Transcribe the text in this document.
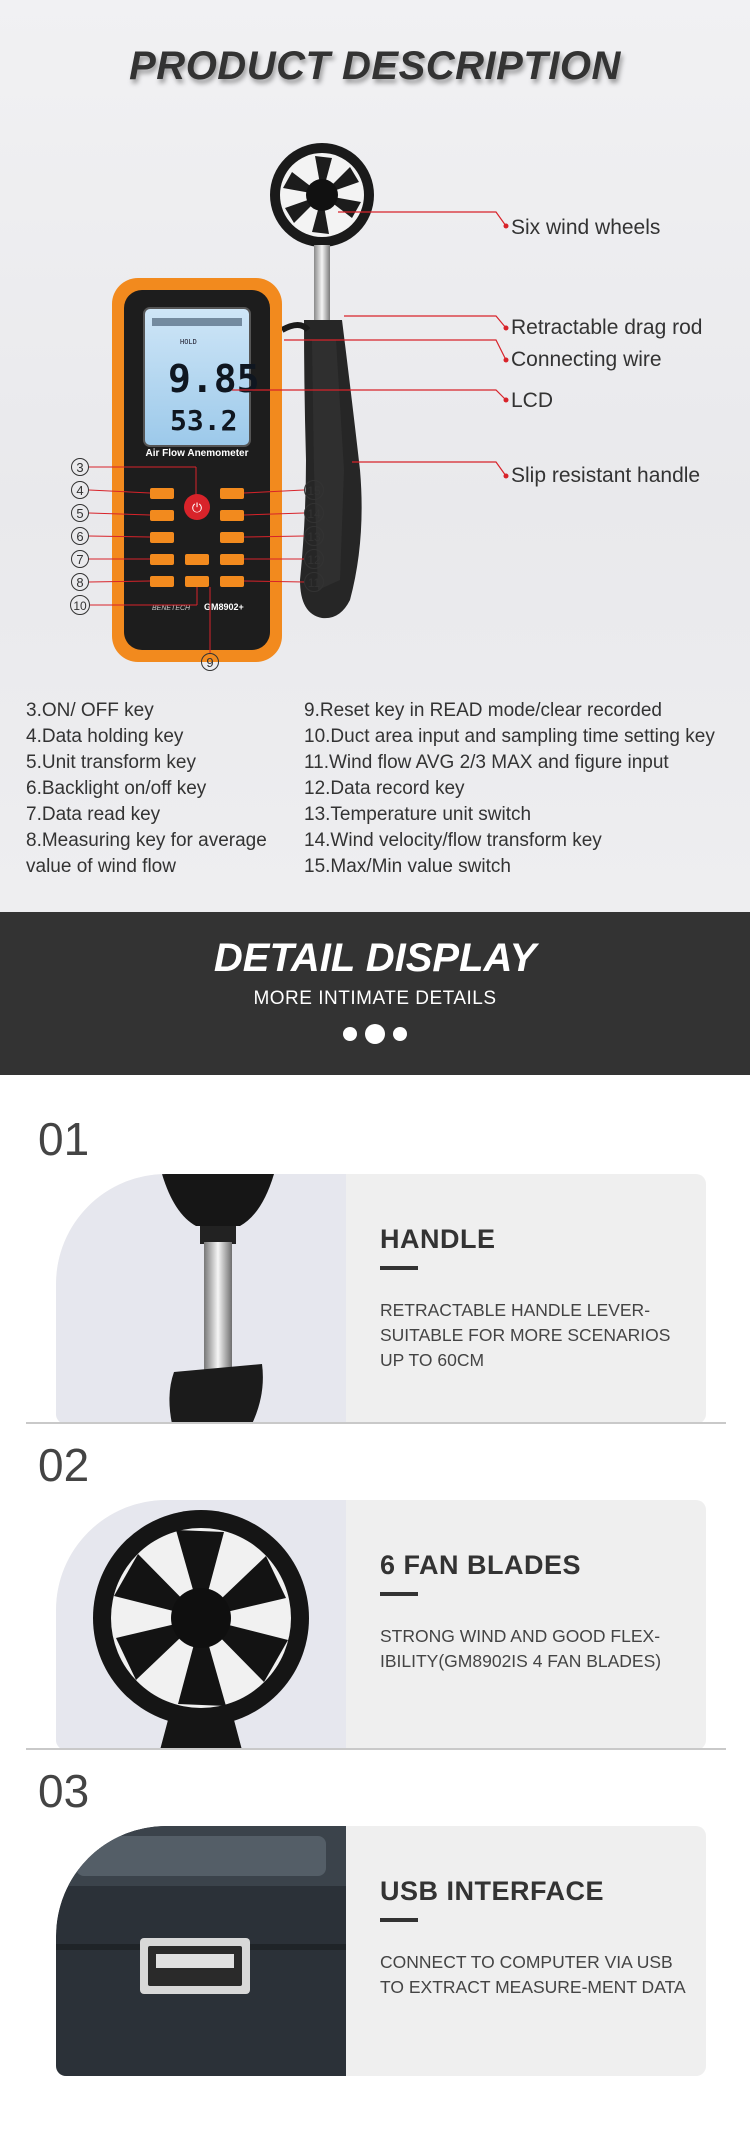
PRODUCT DESCRIPTION
HOLD
9.85
53.2
Air Flow Anemometer
⏻
BENETECH GM8902+
3
4
5
6
7
8
10
9
15
14
13
12
11
Six wind wheels
Retractable drag rod
Connecting wire
LCD
Slip resistant handle
3.ON/ OFF key
4.Data holding key
5.Unit transform key
6.Backlight on/off key
7.Data read key
8.Measuring key for average value of wind flow
9.Reset key in READ mode/clear recorded
10.Duct area input and sampling time setting key
11.Wind flow AVG 2/3 MAX and figure input
12.Data record key
13.Temperature unit switch
14.Wind velocity/flow transform key
15.Max/Min value switch
DETAIL DISPLAY
MORE INTIMATE DETAILS
01
HANDLE
RETRACTABLE HANDLE LEVER-SUITABLE FOR MORE SCENARIOS UP TO 60CM
02
6 FAN BLADES
STRONG WIND AND GOOD FLEX-IBILITY(GM8902IS 4 FAN BLADES)
03
USB INTERFACE
CONNECT TO COMPUTER VIA USB TO EXTRACT MEASURE-MENT DATA
